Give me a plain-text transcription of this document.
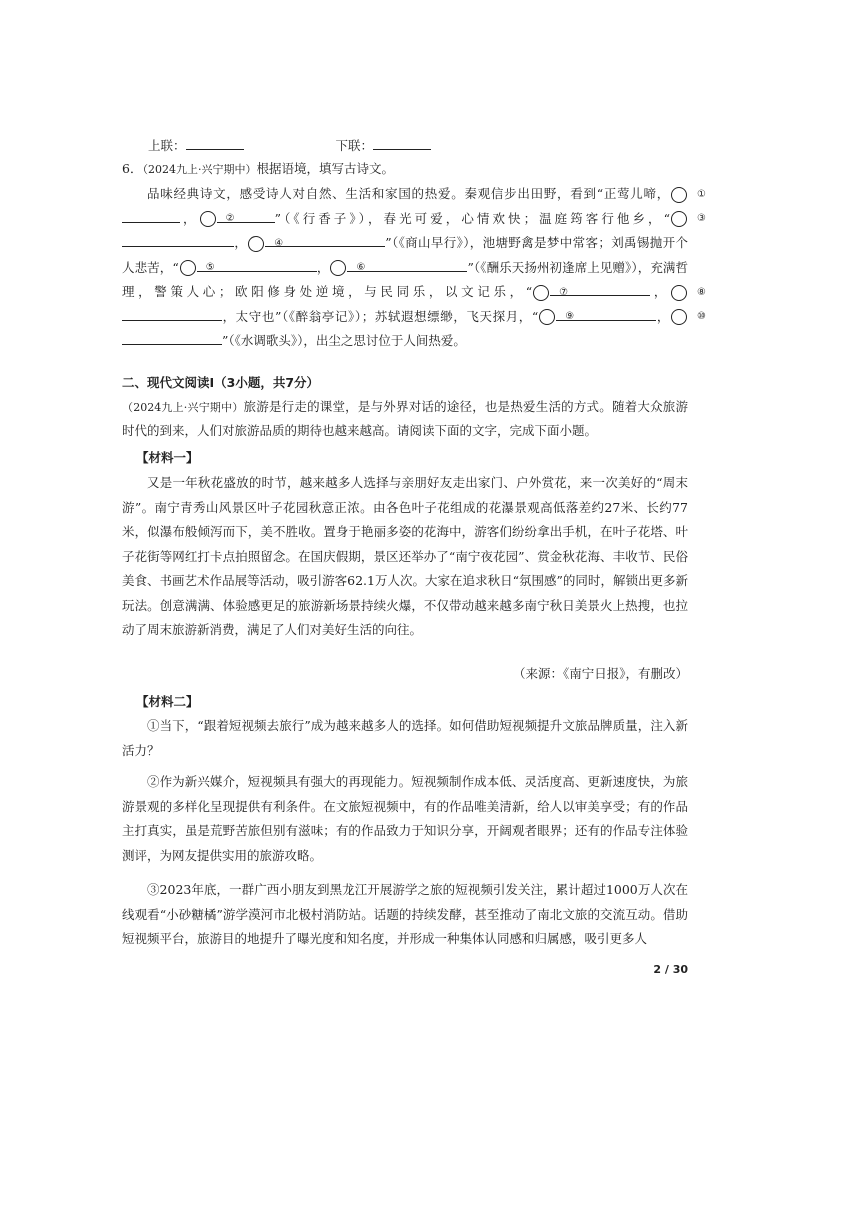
上联：	下联：
6．（2024九上·兴宁期中）根据语境，填写古诗文。
品味经典诗文，感受诗人对自然、生活和家国的热爱。秦观信步出田野，看到“正莺儿啼，	①，	②	”（《行香子》），春光可爱，心情欢快；温庭筠客行他乡，“	③，	④	”（《商山早行》），池塘野禽是梦中常客；刘禹锡抛开个人悲苦，“	⑤	，	⑥	”（《酬乐天扬州初逢席上见赠》），充满哲理，警策人心；欧阳修身处逆境，与民同乐，以文记乐，“	⑦	，	⑧，太守也”（《醉翁亭记》）；苏轼遐想缥缈，飞天探月，“	⑨	，	⑩”（《水调歌头》），出尘之思讨位于人间热爱。
二、现代文阅读Ⅰ（3小题，共7分）
（2024九上·兴宁期中）旅游是行走的课堂，是与外界对话的途径，也是热爱生活的方式。随着大众旅游时代的到来，人们对旅游品质的期待也越来越高。请阅读下面的文字，完成下面小题。
【材料一】
又是一年秋花盛放的时节，越来越多人选择与亲朋好友走出家门、户外赏花，来一次美好的“周末游”。南宁青秀山风景区叶子花园秋意正浓。由各色叶子花组成的花瀑景观高低落差约27米、长约77米，似瀑布般倾泻而下，美不胜收。置身于艳丽多姿的花海中，游客们纷纷拿出手机，在叶子花塔、叶子花街等网红打卡点拍照留念。在国庆假期，景区还举办了“南宁夜花园”、赏金秋花海、丰收节、民俗美食、书画艺术作品展等活动，吸引游客62.1万人次。大家在追求秋日“氛围感”的同时，解锁出更多新玩法。创意满满、体验感更足的旅游新场景持续火爆，不仅带动越来越多南宁秋日美景火上热搜，也拉动了周末旅游新消费，满足了人们对美好生活的向往。
（来源：《南宁日报》，有删改）
【材料二】
①当下，“跟着短视频去旅行”成为越来越多人的选择。如何借助短视频提升文旅品牌质量，注入新活力？
②作为新兴媒介，短视频具有强大的再现能力。短视频制作成本低、灵活度高、更新速度快，为旅游景观的多样化呈现提供有利条件。在文旅短视频中，有的作品唯美清新，给人以审美享受；有的作品主打真实，虽是荒野苦旅但别有滋味；有的作品致力于知识分享，开阔观者眼界；还有的作品专注体验测评，为网友提供实用的旅游攻略。
③2023年底，一群广西小朋友到黑龙江开展游学之旅的短视频引发关注，累计超过1000万人次在线观看“小砂糖橘”游学漠河市北极村消防站。话题的持续发酵，甚至推动了南北文旅的交流互动。借助短视频平台，旅游目的地提升了曝光度和知名度，并形成一种集体认同感和归属感，吸引更多人
2 / 30
